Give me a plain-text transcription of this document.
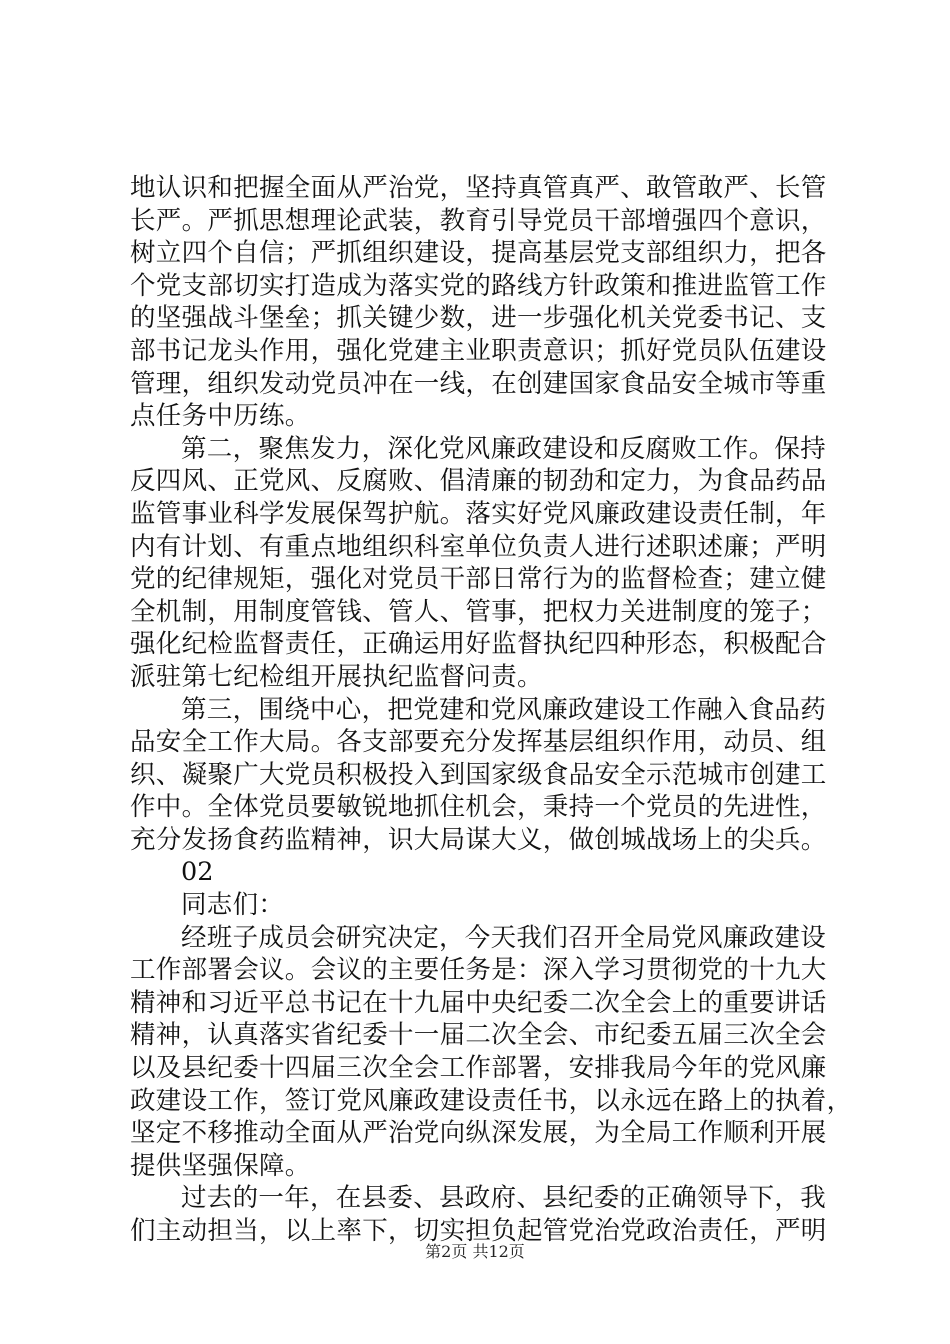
地认识和把握全面从严治党，坚持真管真严、敢管敢严、长管
长严。严抓思想理论武装，教育引导党员干部增强四个意识，
树立四个自信；严抓组织建设，提高基层党支部组织力，把各
个党支部切实打造成为落实党的路线方针政策和推进监管工作
的坚强战斗堡垒；抓关键少数，进一步强化机关党委书记、支
部书记龙头作用，强化党建主业职责意识；抓好党员队伍建设
管理，组织发动党员冲在一线，在创建国家食品安全城市等重
点任务中历练。
第二，聚焦发力，深化党风廉政建设和反腐败工作。保持
反四风、正党风、反腐败、倡清廉的韧劲和定力，为食品药品
监管事业科学发展保驾护航。落实好党风廉政建设责任制，年
内有计划、有重点地组织科室单位负责人进行述职述廉；严明
党的纪律规矩，强化对党员干部日常行为的监督检查；建立健
全机制，用制度管钱、管人、管事，把权力关进制度的笼子；
强化纪检监督责任，正确运用好监督执纪四种形态，积极配合
派驻第七纪检组开展执纪监督问责。
第三，围绕中心，把党建和党风廉政建设工作融入食品药
品安全工作大局。各支部要充分发挥基层组织作用，动员、组
织、凝聚广大党员积极投入到国家级食品安全示范城市创建工
作中。全体党员要敏锐地抓住机会，秉持一个党员的先进性，
充分发扬食药监精神，识大局谋大义，做创城战场上的尖兵。
02
同志们：
经班子成员会研究决定，今天我们召开全局党风廉政建设
工作部署会议。会议的主要任务是：深入学习贯彻党的十九大
精神和习近平总书记在十九届中央纪委二次全会上的重要讲话
精神，认真落实省纪委十一届二次全会、市纪委五届三次全会
以及县纪委十四届三次全会工作部署，安排我局今年的党风廉
政建设工作，签订党风廉政建设责任书，以永远在路上的执着，
坚定不移推动全面从严治党向纵深发展，为全局工作顺利开展
提供坚强保障。
过去的一年，在县委、县政府、县纪委的正确领导下，我
们主动担当，以上率下，切实担负起管党治党政治责任，严明
第2页 共12页
